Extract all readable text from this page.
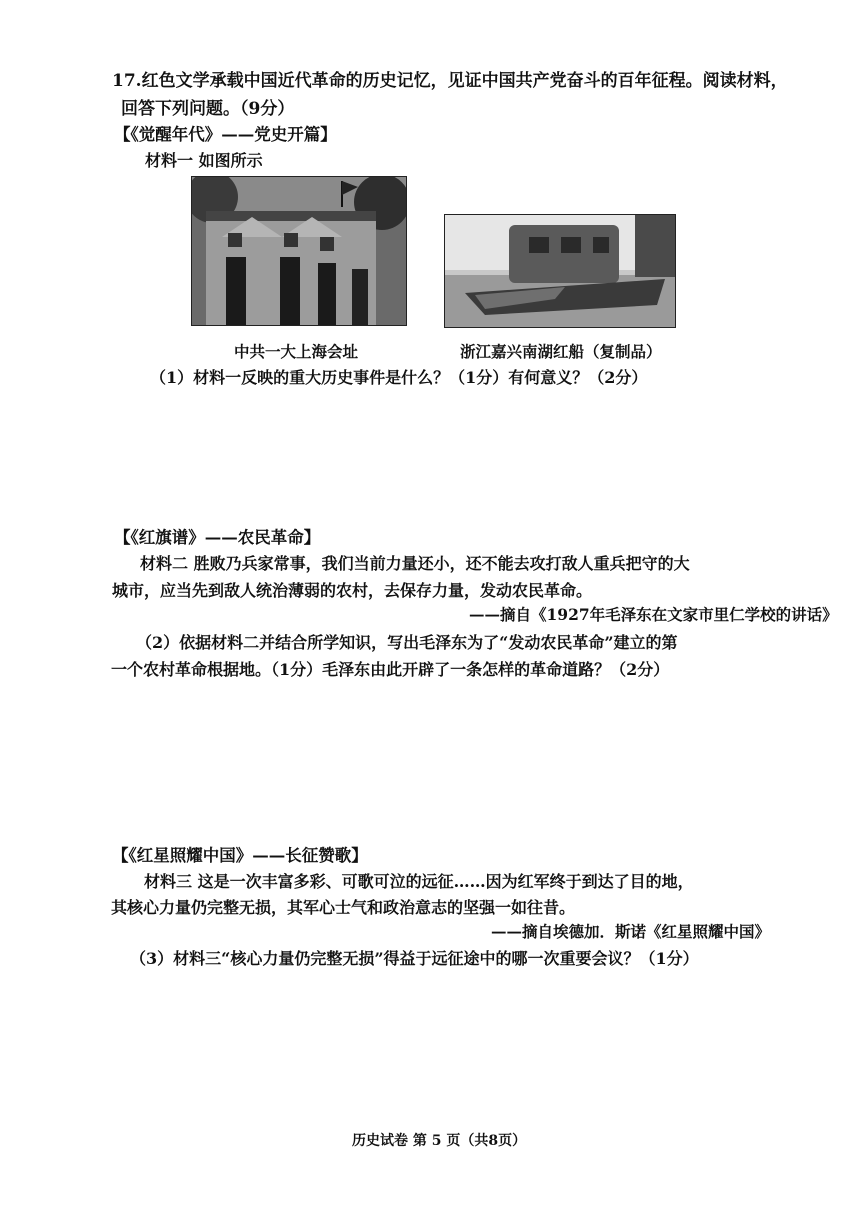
17.红色文学承载中国近代革命的历史记忆，见证中国共产党奋斗的百年征程。阅读材料，
回答下列问题。（9分）
【《觉醒年代》——党史开篇】
材料一 如图所示
中共一大上海会址	浙江嘉兴南湖红船（复制品）
（1）材料一反映的重大历史事件是什么？（1分）有何意义？（2分）
【《红旗谱》——农民革命】
材料二 胜败乃兵家常事，我们当前力量还小，还不能去攻打敌人重兵把守的大
城市，应当先到敌人统治薄弱的农村，去保存力量，发动农民革命。
——摘自《1927年毛泽东在文家市里仁学校的讲话》
（2）依据材料二并结合所学知识，写出毛泽东为了“发动农民革命”建立的第
一个农村革命根据地。（1分）毛泽东由此开辟了一条怎样的革命道路？（2分）
【《红星照耀中国》——长征赞歌】
材料三 这是一次丰富多彩、可歌可泣的远征……因为红军终于到达了目的地，
其核心力量仍完整无损，其军心士气和政治意志的坚强一如往昔。
——摘自埃德加．斯诺《红星照耀中国》
（3）材料三“核心力量仍完整无损”得益于远征途中的哪一次重要会议？（1分）
历史试卷 第 5 页（共8页）
